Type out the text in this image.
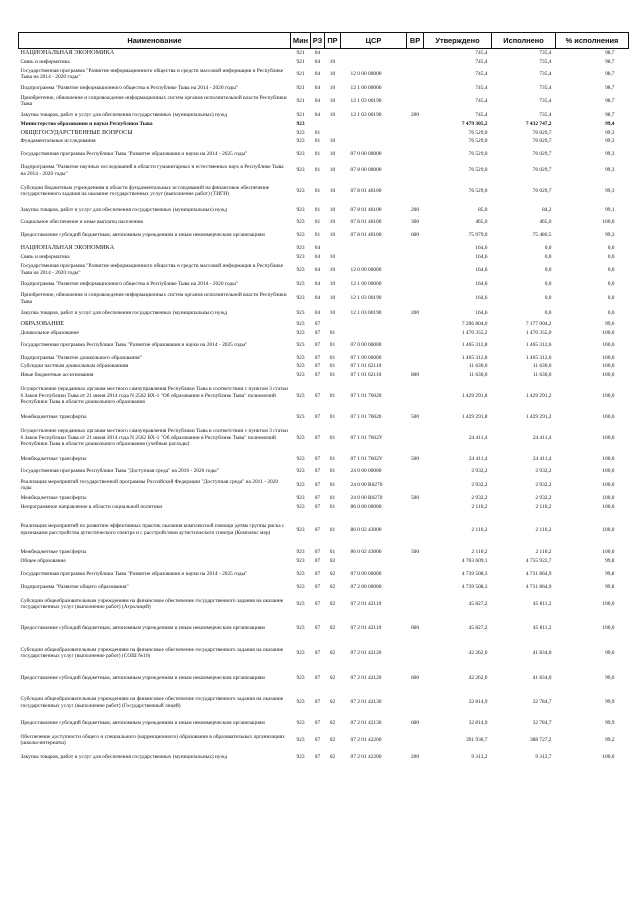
Наименование	Мин	РЗ	ПР	ЦСР	ВР	Утверждено	Исполнено	% исполнения
НАЦИОНАЛЬНАЯ ЭКОНОМИКА	921	04				745,4	735,4	98,7
Связь и информатика	921	04	10			745,4	735,4	98,7
Государственная программа "Развитие информационного общества и средств массовой информации в Республике Тыва на 2014 - 2020 годы"	921	04	10	12 0 00 00000		745,4	735,4	98,7
Подпрограмма "Развитие информационного общества в Республике Тыва на 2014 - 2020 годы"	921	04	10	12 1 00 00000		745,4	735,4	98,7
Приобретение, обновление и сопровождение информационных систем органов исполнительной власти Республики Тыва	921	04	10	12 1 03 00190		745,4	735,4	98,7
Закупка товаров, работ и услуг для обеспечения государственных (муниципальных) нужд	921	04	10	12 1 03 00190	200	745,4	735,4	98,7
Министерство образования и науки Республики Тыва	923					7 479 305,2	7 432 747,2	99,4
ОБЩЕГОСУДАРСТВЕННЫЕ ВОПРОСЫ	923	01				76 529,0	76 029,7	99,3
Фундаментальные исследования	923	01	10			76 529,0	76 029,7	99,3
Государственная программа Республики Тыва "Развитие образования и науки на 2014 - 2025 годы"	923	01	10	07 0 00 00000		76 529,0	76 029,7	99,3
Подпрограмма "Развитие научных исследований в области гуманитарных и естественных наук в Республике Тыва на 2014 - 2020 годы"	923	01	10	07 8 00 00000		76 529,0	76 029,7	99,3
Субсидии бюджетным учреждениям в области фундаментальных исследований на финансовое обеспечение государственного задания на оказание государственных услуг (выполнение работ) (ТИГИ)	923	01	10	07 8 01 46100		76 529,0	76 029,7	99,3
Закупка товаров, работ и услуг для обеспечения государственных (муниципальных) нужд	923	01	10	07 8 01 46100	200	85,0	84,2	99,1
Социальное обеспечение и иные выплаты населению	923	01	10	07 8 01 46100	300	465,0	465,0	100,0
Предоставление субсидий бюджетным, автономным учреждениям и иным некоммерческим организациям	923	01	10	07 8 01 46100	600	75 979,0	75 480,5	99,3
НАЦИОНАЛЬНАЯ ЭКОНОМИКА	923	04				164,6	0,0	0,0
Связь и информатика	923	04	10			164,6	0,0	0,0
Государственная программа "Развитие информационного общества и средств массовой информации в Республике Тыва на 2014 - 2020 годы"	923	04	10	12 0 00 00000		164,6	0,0	0,0
Подпрограмма "Развитие информационного общества в Республике Тыва на 2014 - 2020 годы"	923	04	10	12 1 00 00000		164,6	0,0	0,0
Приобретение, обновление и сопровождение информационных систем органов исполнительной власти Республики Тыва	923	04	10	12 1 03 00190		164,6	0,0	0,0
Закупка товаров, работ и услуг для обеспечения государственных (муниципальных) нужд	923	04	10	12 1 03 00190	200	164,6	0,0	0,0
ОБРАЗОВАНИЕ	923	07				7 206 804,0	7 177 004,2	99,6
Дошкольное образование	923	07	01			1 470 355,2	1 470 355,0	100,0
Государственная программа Республики Тыва "Развитие образования и науки на 2014 - 2025 годы"	923	07	01	07 0 00 00000		1 465 312,8	1 465 312,6	100,0
Подпрограмма "Развитие дошкольного образования"	923	07	01	07 1 00 00000		1 465 312,8	1 465 312,6	100,0
Субсидии частным дошкольным образованиям	923	07	01	07 1 01 62110		11 630,0	11 630,0	100,0
Иные бюджетные ассигнования	923	07	01	07 1 01 62110	800	11 630,0	11 630,0	100,0
Осуществление переданных органам местного самоуправления Республики Тыва в соответствии с пунктом 3 статьи 6 Закон Республики Тыва от 21 июня 2014 года N 2562 ВХ-1 "Об образовании в Республике Тыва" полномочий Республики Тыва в области дошкольного образования	923	07	01	07 1 01 76020		1 429 291,8	1 429 291,2	100,0
Межбюджетные трансферты	923	07	01	07 1 01 76020	500	1 429 291,8	1 429 291,2	100,0
Осуществление переданных органам местного самоуправления Республики Тыва в соответствии с пунктом 3 статьи 6 Закон Республики Тыва от 21 июня 2014 года N 2562 ВХ-1 "Об образовании в Республике Тыва" полномочий Республики Тыва в области дошкольного образования (учебные расходы)	923	07	01	07 1 01 7602У		24 411,4	24 411,4	100,0
Межбюджетные трансферты	923	07	01	07 1 01 7602У	500	24 411,4	24 411,4	100,0
Государственная программа Республики Тыва "Доступная среда" на 2016 - 2020 годы"	923	07	01	24 0 00 00000		2 932,2	2 932,2	100,0
Реализация мероприятий государственной программы Российской Федерации "Доступная среда" на 2011 - 2020 годы	923	07	01	24 0 00 R0270		2 932,2	2 932,2	100,0
Межбюджетные трансферты	923	07	01	24 0 00 R0270	500	2 932,2	2 932,2	100,0
Непрограммное направление в области социальной политики	923	07	01	86 0 00 00000		2 110,2	2 110,2	100,0
Реализация мероприятий по развитию эффективных практик оказания комплексной помощи детям группы риска с признаками расстройства аутистического спектра и с расстройством аутистического спектра (Комплекс мер)	923	07	01	86 0 02 43000		2 110,2	2 110,2	100,0
Межбюджетные трансферты	923	07	01	86 0 02 43000	500	2 110,2	2 110,2	100,0
Общее образование	923	07	02			4 763 609,1	4 755 922,7	99,8
Государственная программа Республики Тыва "Развитие образования и науки на 2014 - 2025 годы"	923	07	02	07 0 00 00000		4 739 508,3	4 731 864,9	99,8
Подпрограмма "Развитие общего образования"	923	07	02	07 2 00 00000		4 739 508,3	4 731 864,9	99,8
Субсидии общеобразовательным учреждениям на финансовое обеспечение государственного задания на оказание государственных услуг (выполнение работ) (Агролицей)	923	07	02	07 2 01 42110		45 827,2	45 811,2	100,0
Предоставление субсидий бюджетным, автономным учреждениям и иным некоммерческим организациям	923	07	02	07 2 01 42110	600	45 827,2	45 811,2	100,0
Субсидии общеобразовательным учреждениям на финансовое обеспечение государственного задания на оказание государственных услуг (выполнение работ) (СОШ №10)	923	07	02	07 2 01 42120		42 262,0	41 834,0	99,0
Предоставление субсидий бюджетным, автономным учреждениям и иным некоммерческим организациям	923	07	02	07 2 01 42120	600	42 262,0	41 834,0	99,0
Субсидии общеобразовательным учреждениям на финансовое обеспечение государственного задания на оказание государственных услуг (выполнение работ) (Государственный лицей)	923	07	02	07 2 01 42130		32 814,9	32 784,7	99,9
Предоставление субсидий бюджетным, автономным учреждениям и иным некоммерческим организациям	923	07	02	07 2 01 42130	600	32 814,9	32 784,7	99,9
Обеспечение доступности общего и специального (коррекционного) образования в образовательных организациях (школы-интернаты)	923	07	02	07 2 01 42200		391 936,7	388 727,2	99,2
Закупка товаров, работ и услуг для обеспечения государственных (муниципальных) нужд	923	07	02	07 2 01 42200	200	9 313,2	9 312,7	100,0
